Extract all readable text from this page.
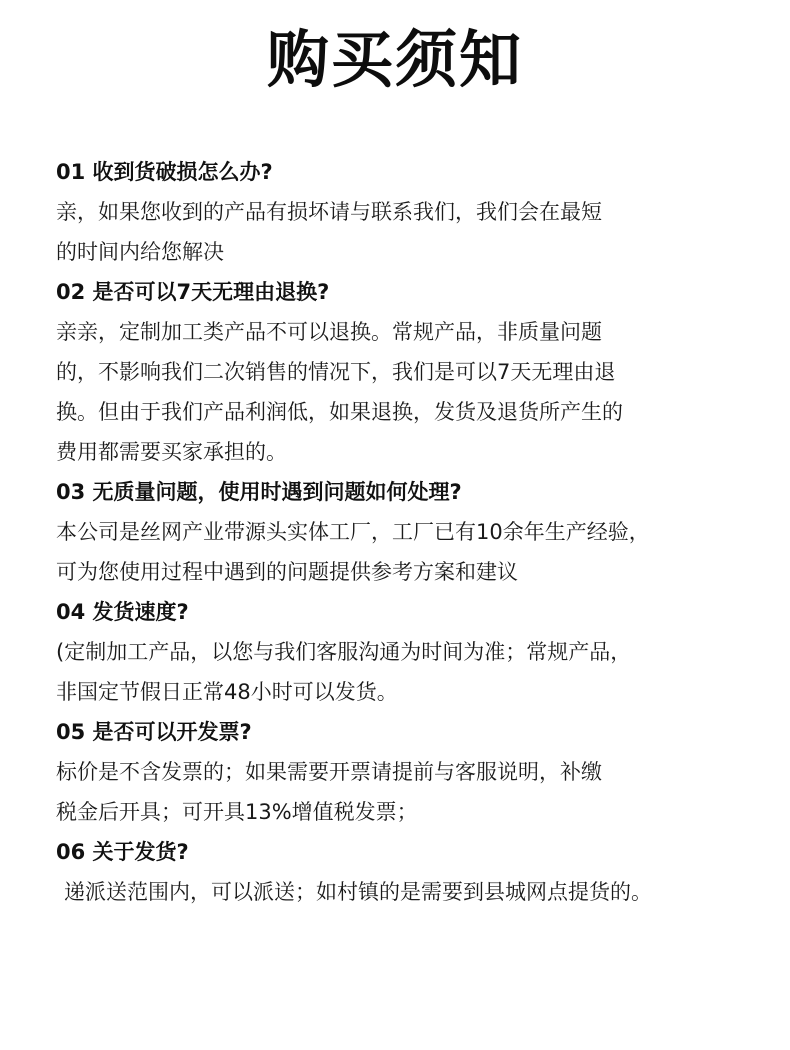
购买须知
01 收到货破损怎么办?
亲，如果您收到的产品有损坏请与联系我们，我们会在最短
的时间内给您解决
02 是否可以7天无理由退换?
亲亲，定制加工类产品不可以退换。常规产品，非质量问题
的，不影响我们二次销售的情况下，我们是可以7天无理由退
换。但由于我们产品利润低，如果退换，发货及退货所产生的
费用都需要买家承担的。
03 无质量问题，使用时遇到问题如何处理?
本公司是丝网产业带源头实体工厂，工厂已有10余年生产经验，
可为您使用过程中遇到的问题提供参考方案和建议
04 发货速度?
(定制加工产品，以您与我们客服沟通为时间为准；常规产品，
非国定节假日正常48小时可以发货。
05 是否可以开发票?
标价是不含发票的；如果需要开票请提前与客服说明，补缴
税金后开具；可开具13%增值税发票；
06 关于发货?
递派送范围内，可以派送；如村镇的是需要到县城网点提货的。
